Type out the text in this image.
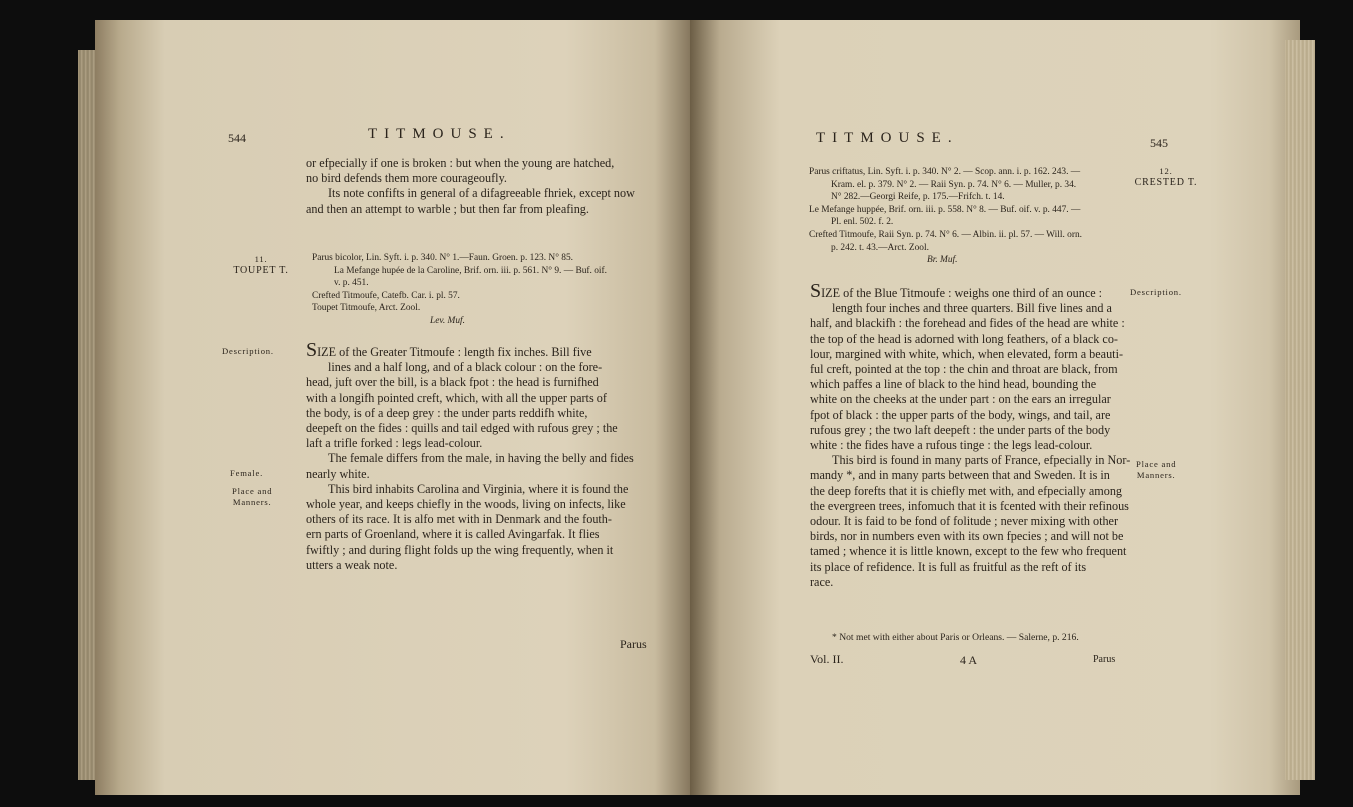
544	TITMOUSE.

or efpecially if one is broken : but when the young are hatched,

no bird defends them more courageoufly.

Its note confifts in general of a difagreeable fhriek, except now

and then an attempt to warble ; but then far from pleafing.

11.
TOUPET T.

Parus bicolor, Lin. Syft. i. p. 340. N° 1.—Faun. Groen. p. 123. N° 85.

La Mefange hupée de la Caroline, Brif. orn. iii. p. 561. N° 9. — Buf. oif.

v. p. 451.

Crefted Titmoufe, Catefb. Car. i. pl. 57.

Toupet Titmoufe, Arct. Zool.

Lev. Muf.

Description.
Female.
Place and
Manners.

SIZE of the Greater Titmoufe : length fix inches. Bill five

lines and a half long, and of a black colour : on the fore-

head, juft over the bill, is a black fpot : the head is furnifhed

with a longifh pointed creft, which, with all the upper parts of

the body, is of a deep grey : the under parts reddifh white,

deepeft on the fides : quills and tail edged with rufous grey ; the

laft a trifle forked : legs lead-colour.

The female differs from the male, in having the belly and fides

nearly white.

This bird inhabits Carolina and Virginia, where it is found the

whole year, and keeps chiefly in the woods, living on infects, like

others of its race. It is alfo met with in Denmark and the fouth-

ern parts of Groenland, where it is called Avingarfak. It flies

fwiftly ; and during flight folds up the wing frequently, when it

utters a weak note.

Parus
TITMOUSE.	545

Parus criftatus, Lin. Syft. i. p. 340. N° 2. — Scop. ann. i. p. 162. 243. —

Kram. el. p. 379. N° 2. — Raii Syn. p. 74. N° 6. — Muller, p. 34.

N° 282.—Georgi Reife, p. 175.—Frifch. t. 14.

Le Mefange huppée, Brif. orn. iii. p. 558. N° 8. — Buf. oif. v. p. 447. —

Pl. enl. 502. f. 2.

Crefted Titmoufe, Raii Syn. p. 74. N° 6. — Albin. ii. pl. 57. — Will. orn.

p. 242. t. 43.—Arct. Zool.

Br. Muf.

12.
CRESTED T.
Description.
Place and
Manners.

SIZE of the Blue Titmoufe : weighs one third of an ounce :

length four inches and three quarters. Bill five lines and a

half, and blackifh : the forehead and fides of the head are white :

the top of the head is adorned with long feathers, of a black co-

lour, margined with white, which, when elevated, form a beauti-

ful creft, pointed at the top : the chin and throat are black, from

which paffes a line of black to the hind head, bounding the

white on the cheeks at the under part : on the ears an irregular

fpot of black : the upper parts of the body, wings, and tail, are

rufous grey ; the two laft deepeft : the under parts of the body

white : the fides have a rufous tinge : the legs lead-colour.

This bird is found in many parts of France, efpecially in Nor-

mandy *, and in many parts between that and Sweden. It is in

the deep forefts that it is chiefly met with, and efpecially among

the evergreen trees, infomuch that it is fcented with their refinous

odour. It is faid to be fond of folitude ; never mixing with other

birds, nor in numbers even with its own fpecies ; and will not be

tamed ; whence it is little known, except to the few who frequent

its place of refidence. It is full as fruitful as the reft of its

race.

* Not met with either about Paris or Orleans. — Salerne, p. 216.
Vol. II.	4 A	Parus
